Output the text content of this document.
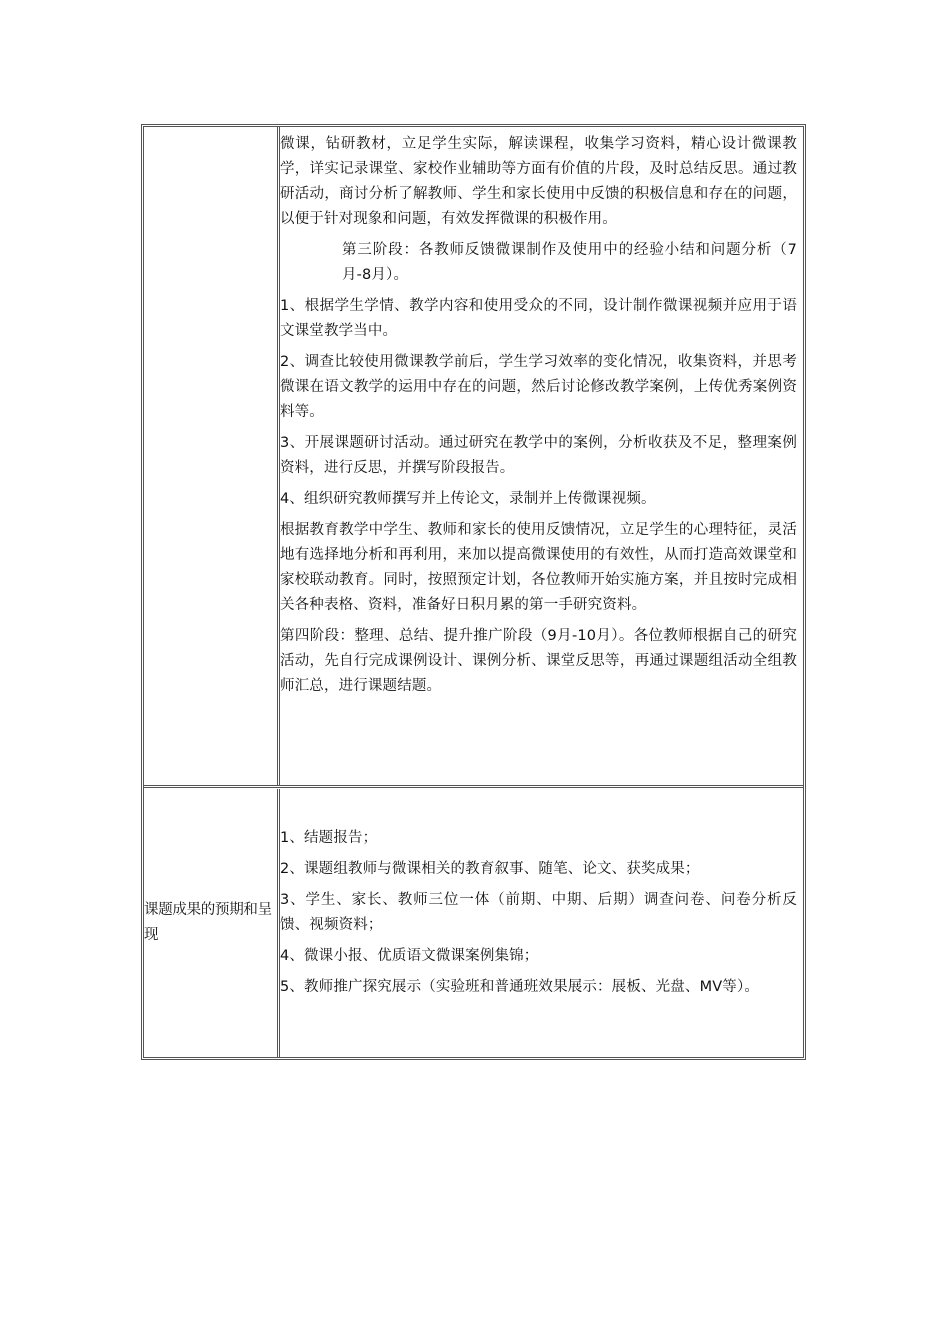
微课，钻研教材，立足学生实际，解读课程，收集学习资料，精心设计微课教学，详实记录课堂、家校作业辅助等方面有价值的片段，及时总结反思。通过教研活动，商讨分析了解教师、学生和家长使用中反馈的积极信息和存在的问题，以便于针对现象和问题，有效发挥微课的积极作用。

第三阶段：各教师反馈微课制作及使用中的经验小结和问题分析（7月-8月）。

1、根据学生学情、教学内容和使用受众的不同，设计制作微课视频并应用于语文课堂教学当中。

2、调查比较使用微课教学前后，学生学习效率的变化情况，收集资料，并思考微课在语文教学的运用中存在的问题，然后讨论修改教学案例，上传优秀案例资料等。

3、开展课题研讨活动。通过研究在教学中的案例，分析收获及不足，整理案例资料，进行反思，并撰写阶段报告。

4、组织研究教师撰写并上传论文，录制并上传微课视频。

根据教育教学中学生、教师和家长的使用反馈情况，立足学生的心理特征，灵活地有选择地分析和再利用，来加以提高微课使用的有效性，从而打造高效课堂和家校联动教育。同时，按照预定计划，各位教师开始实施方案，并且按时完成相关各种表格、资料，准备好日积月累的第一手研究资料。

第四阶段：整理、总结、提升推广阶段（9月-10月）。各位教师根据自己的研究活动，先自行完成课例设计、课例分析、课堂反思等，再通过课题组活动全组教师汇总，进行课题结题。

课题成果的预期和呈现

1、结题报告；

2、课题组教师与微课相关的教育叙事、随笔、论文、获奖成果；

3、学生、家长、教师三位一体（前期、中期、后期）调查问卷、问卷分析反馈、视频资料；

4、微课小报、优质语文微课案例集锦；

5、教师推广探究展示（实验班和普通班效果展示：展板、光盘、MV等）。
